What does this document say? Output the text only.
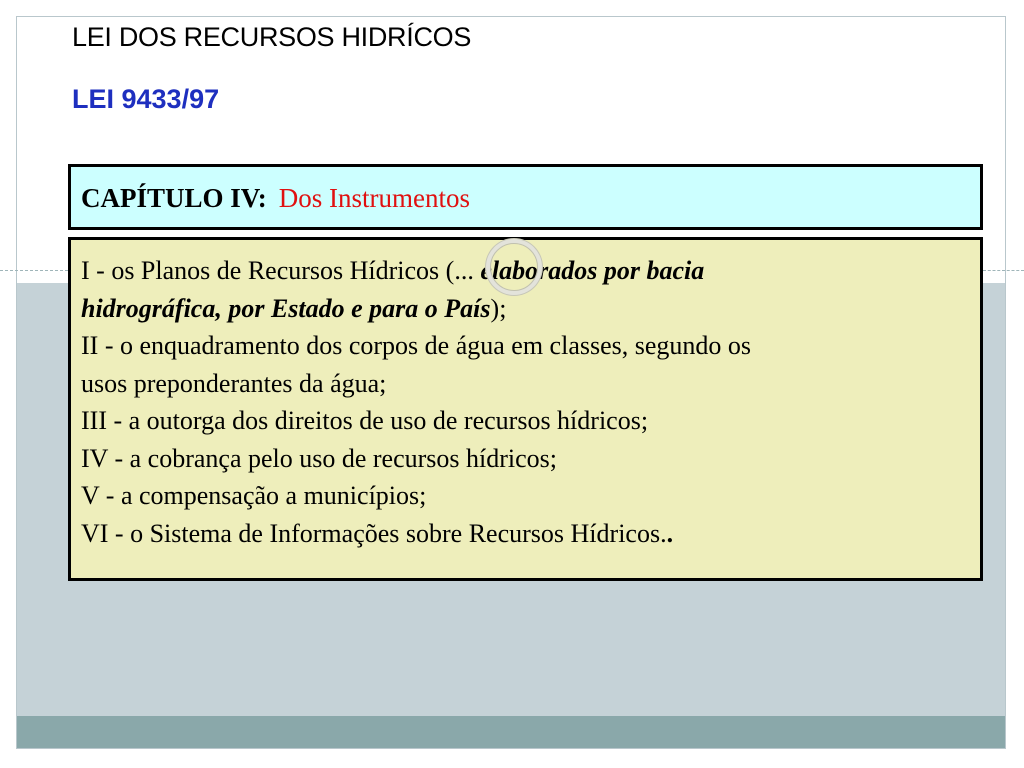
LEI DOS RECURSOS HIDRÍCOS
LEI 9433/97
CAPÍTULO IV: Dos Instrumentos
I - os Planos de Recursos Hídricos (... elaborados por bacia
hidrográfica, por Estado e para o País);
II - o enquadramento dos corpos de água em classes, segundo os
usos preponderantes da água;
III - a outorga dos direitos de uso de recursos hídricos;
IV - a cobrança pelo uso de recursos hídricos;
V - a compensação a municípios;
VI - o Sistema de Informações sobre Recursos Hídricos..
